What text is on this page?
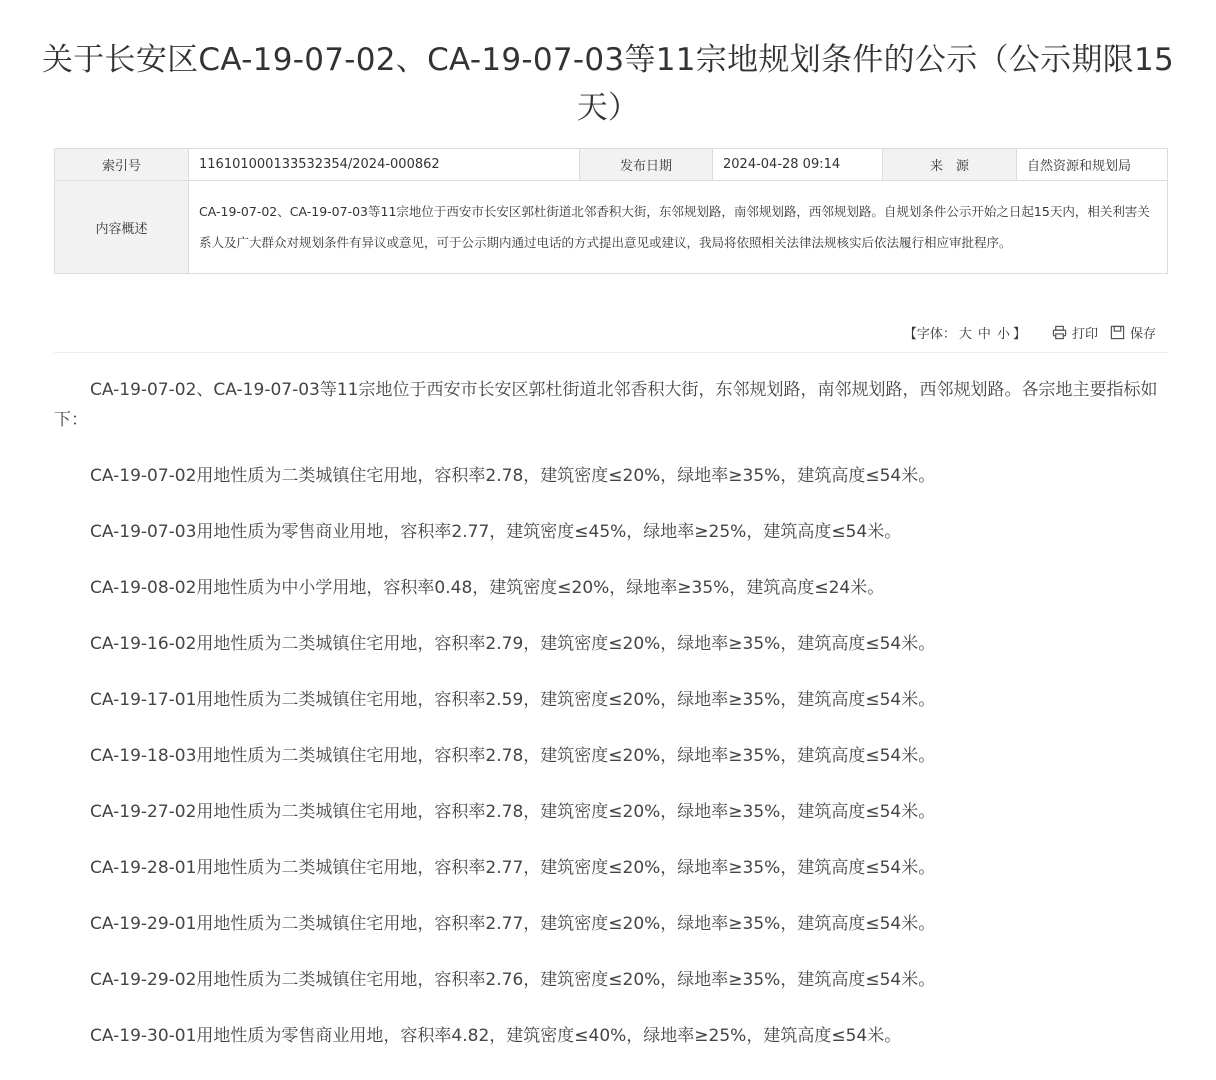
关于长安区CA-19-07-02、CA-19-07-03等11宗地规划条件的公示（公示期限15天）
索引号	116101000133532354/2024-000862	发布日期	2024-04-28 09:14	来　源	自然资源和规划局
内容概述	CA-19-07-02、CA-19-07-03等11宗地位于西安市长安区郭杜街道北邻香积大街，东邻规划路，南邻规划路，西邻规划路。自规划条件公示开始之日起15天内，相关利害关系人及广大群众对规划条件有异议或意见，可于公示期内通过电话的方式提出意见或建议，我局将依照相关法律法规核实后依法履行相应审批程序。				
【字体： 大 中 小 】	打印 保存

CA-19-07-02、CA-19-07-03等11宗地位于西安市长安区郭杜街道北邻香积大街，东邻规划路，南邻规划路，西邻规划路。各宗地主要指标如下：

CA-19-07-02用地性质为二类城镇住宅用地，容积率2.78，建筑密度≤20%，绿地率≥35%，建筑高度≤54米。

CA-19-07-03用地性质为零售商业用地，容积率2.77，建筑密度≤45%，绿地率≥25%，建筑高度≤54米。

CA-19-08-02用地性质为中小学用地，容积率0.48，建筑密度≤20%，绿地率≥35%，建筑高度≤24米。

CA-19-16-02用地性质为二类城镇住宅用地，容积率2.79，建筑密度≤20%，绿地率≥35%，建筑高度≤54米。

CA-19-17-01用地性质为二类城镇住宅用地，容积率2.59，建筑密度≤20%，绿地率≥35%，建筑高度≤54米。

CA-19-18-03用地性质为二类城镇住宅用地，容积率2.78，建筑密度≤20%，绿地率≥35%，建筑高度≤54米。

CA-19-27-02用地性质为二类城镇住宅用地，容积率2.78，建筑密度≤20%，绿地率≥35%，建筑高度≤54米。

CA-19-28-01用地性质为二类城镇住宅用地，容积率2.77，建筑密度≤20%，绿地率≥35%，建筑高度≤54米。

CA-19-29-01用地性质为二类城镇住宅用地，容积率2.77，建筑密度≤20%，绿地率≥35%，建筑高度≤54米。

CA-19-29-02用地性质为二类城镇住宅用地，容积率2.76，建筑密度≤20%，绿地率≥35%，建筑高度≤54米。

CA-19-30-01用地性质为零售商业用地，容积率4.82，建筑密度≤40%，绿地率≥25%，建筑高度≤54米。
